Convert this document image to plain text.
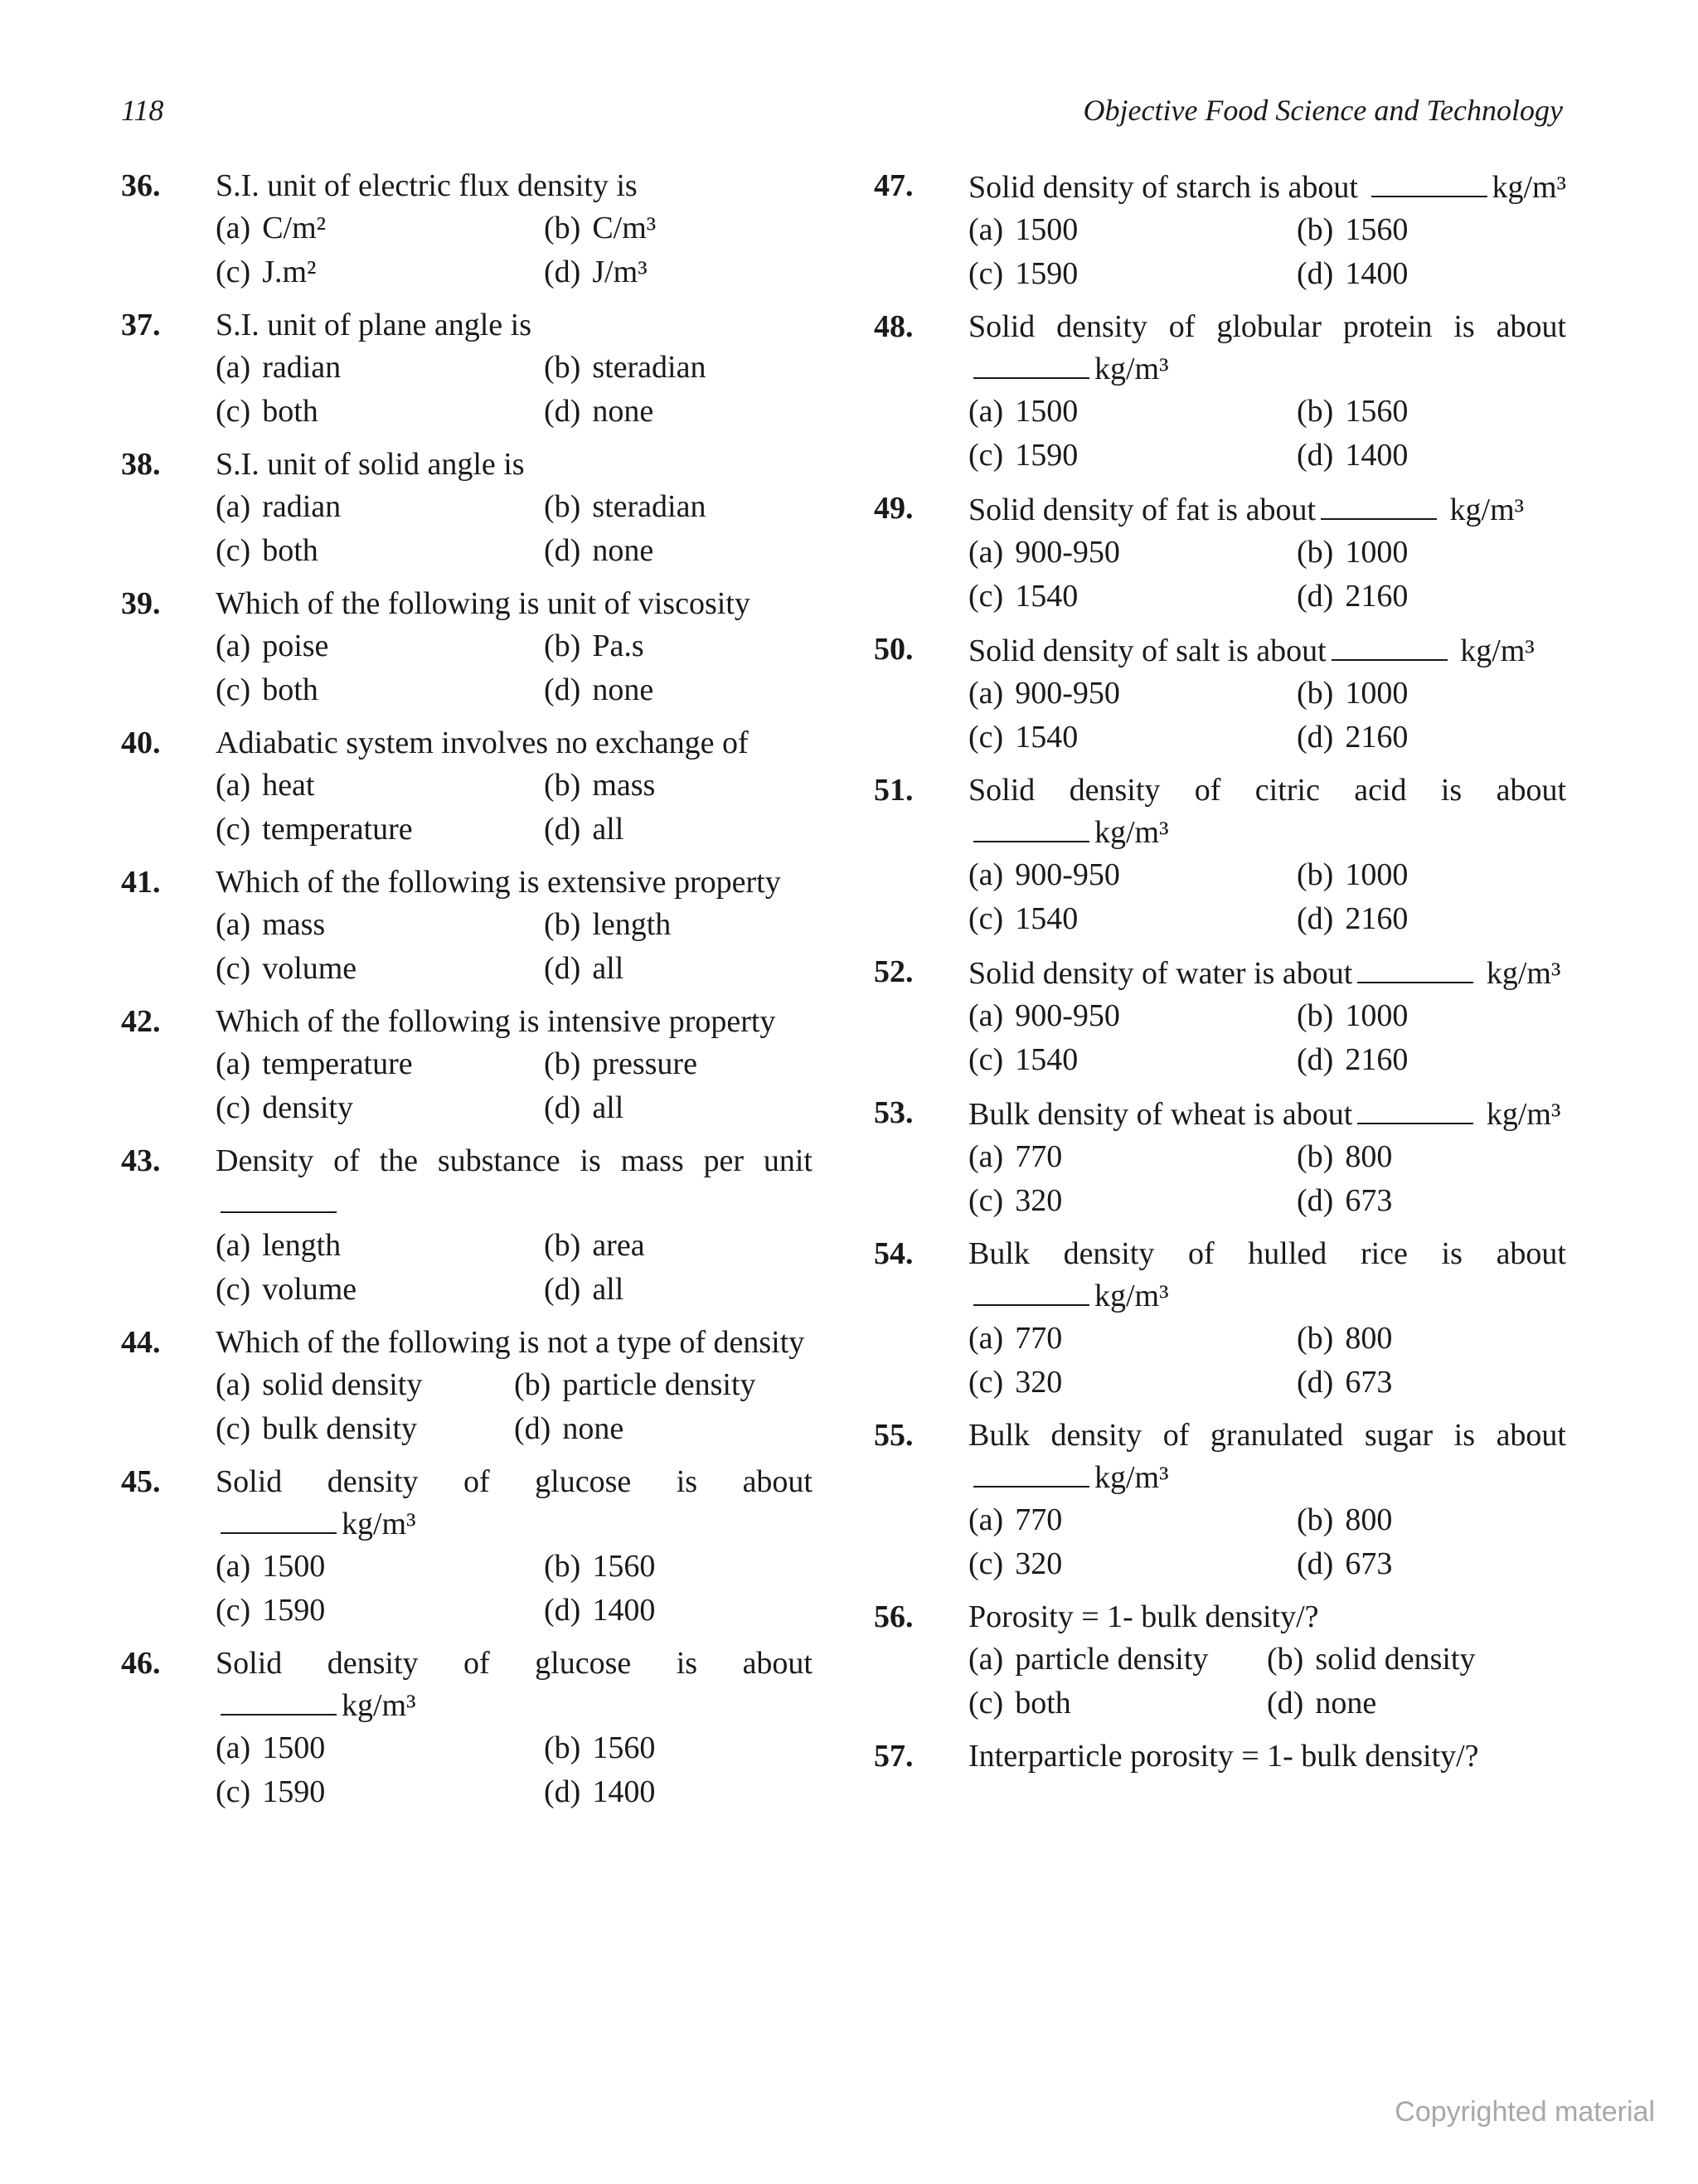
118	Objective Food Science and Technology
36.	S.I. unit of electric flux density is
(a) C/m²	(b) C/m³
(c) J.m²	(d) J/m³
37.	S.I. unit of plane angle is
(a) radian	(b) steradian
(c) both	(d) none
38.	S.I. unit of solid angle is
(a) radian	(b) steradian
(c) both	(d) none
39.	Which of the following is unit of viscosity
(a) poise	(b) Pa.s
(c) both	(d) none
40.	Adiabatic system involves no exchange of
(a) heat	(b) mass
(c) temperature	(d) all
41.	Which of the following is extensive property
(a) mass	(b) length
(c) volume	(d) all
42.	Which of the following is intensive property
(a) temperature	(b) pressure
(c) density	(d) all
43.	Density of the substance is mass per unit
(a) length	(b) area
(c) volume	(d) all
44.	Which of the following is not a type of density
(a) solid density	(b) particle density
(c) bulk density	(d) none
45.	Solid density of glucose is about kg/m³
(a) 1500	(b) 1560
(c) 1590	(d) 1400
46.	Solid density of glucose is about kg/m³
(a) 1500	(b) 1560
(c) 1590	(d) 1400
47.	Solid density of starch is about	kg/m³
(a) 1500	(b) 1560
(c) 1590	(d) 1400
48.	Solid density of globular protein is about kg/m³
(a) 1500	(b) 1560
(c) 1590	(d) 1400
49.	Solid density of fat is about	kg/m³
(a) 900-950	(b) 1000
(c) 1540	(d) 2160
50.	Solid density of salt is about	kg/m³
(a) 900-950	(b) 1000
(c) 1540	(d) 2160
51.	Solid density of citric acid is about kg/m³
(a) 900-950	(b) 1000
(c) 1540	(d) 2160
52.	Solid density of water is about	kg/m³
(a) 900-950	(b) 1000
(c) 1540	(d) 2160
53.	Bulk density of wheat is about	kg/m³
(a) 770	(b) 800
(c) 320	(d) 673
54.	Bulk density of hulled rice is about kg/m³
(a) 770	(b) 800
(c) 320	(d) 673
55.	Bulk density of granulated sugar is about kg/m³
(a) 770	(b) 800
(c) 320	(d) 673
56.	Porosity = 1- bulk density/?
(a) particle density	(b) solid density
(c) both	(d) none
57.	Interparticle porosity = 1- bulk density/?
Copyrighted material
